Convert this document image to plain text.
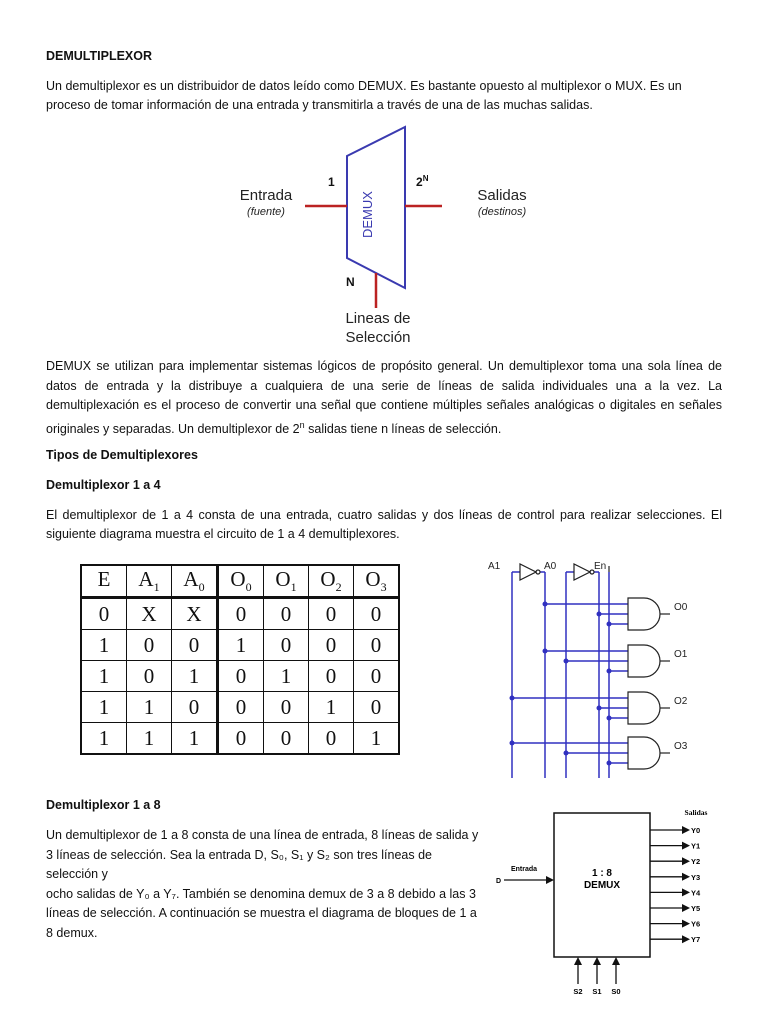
DEMULTIPLEXOR
Un demultiplexor es un distribuidor de datos leído como DEMUX. Es bastante opuesto al multiplexor o MUX. Es un proceso de tomar información de una entrada y transmitirla a través de una de las muchas salidas.
DEMUX
Entrada
(fuente)
1	$2^N$
Salidas
(destinos)
N
Lineas de
Selección
DEMUX se utilizan para implementar sistemas lógicos de propósito general. Un demultiplexor toma una sola línea de datos de entrada y la distribuye a cualquiera de una serie de líneas de salida individuales una a la vez. La demultiplexación es el proceso de convertir una señal que contiene múltiples señales analógicas o digitales en señales originales y separadas. Un demultiplexor de 2$^n$ salidas tiene n líneas de selección.
Tipos de Demultiplexores
Demultiplexor 1 a 4
El demultiplexor de 1 a 4 consta de una entrada, cuatro salidas y dos líneas de control para realizar selecciones. El siguiente diagrama muestra el circuito de 1 a 4 demultiplexores.
E	$A_1$	$A_0$	$O_0$	$O_1$	$O_2$	$O_3$
0	X	X	0	0	0	0
1	0	0	1	0	0	0
1	0	1	0	1	0	0
1	1	0	0	0	1	0
1	1	1	0	0	0	1
A1	A0	En
O0
O1
O2
O3
Demultiplexor 1 a 8
Un demultiplexor de 1 a 8 consta de una línea de entrada, 8 líneas de salida y
3 líneas de selección. Sea la entrada D, S₀, S₁ y S₂ son tres líneas de selección y
ocho salidas de Y₀ a Y₇. También se denomina demux de 3 a 8 debido a las 3
líneas de selección. A continuación se muestra el diagrama de bloques de 1 a
8 demux.
Salidas
1 : 8
DEMUX
Entrada
D
Y0
Y1
Y2
Y3
Y4
Y5
Y6
Y7
S2 S1 S0
